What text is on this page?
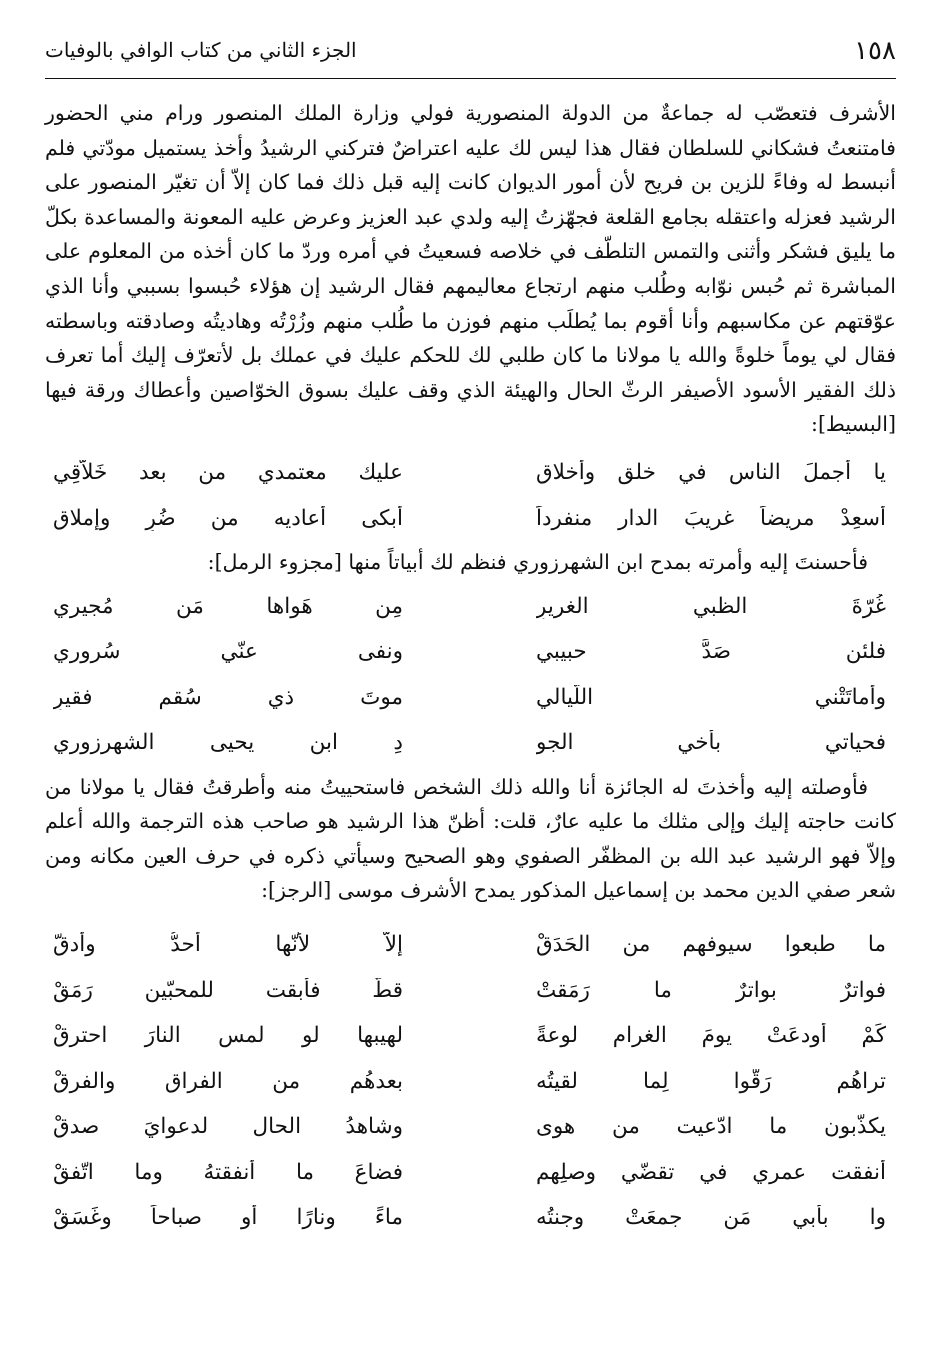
١٥٨
الجزء الثاني من كتاب الوافي بالوفيات

الأشرف فتعصّب له جماعةٌ من الدولة المنصورية فولي وزارة الملك المنصور ورام مني الحضور فامتنعتُ فشكاني للسلطان فقال هذا ليس لك عليه اعتراضٌ فتركني الرشيدُ وأخذ يستميل مودّتي فلم أنبسط له وفاءً للزين بن فريح لأن أمور الديوان كانت إليه قبل ذلك فما كان إلاّ أن تغيّر المنصور على الرشيد فعزله واعتقله بجامع القلعة فجهّزتُ إليه ولدي عبد العزيز وعرض عليه المعونة والمساعدة بكلّ ما يليق فشكر وأثنى والتمس التلطّف في خلاصه فسعيتُ في أمره وردّ ما كان أخذه من المعلوم على المباشرة ثم حُبس نوّابه وطُلب منهم ارتجاع معاليمهم فقال الرشيد إن هؤلاء حُبسوا بسببي وأنا الذي عوّقتهم عن مكاسبهم وأنا أقوم بما يُطلَب منهم فوزن ما طُلب منهم وزُرْتُه وهاديتُه وصادقته وباسطته فقال لي يوماً خلوةً والله يا مولانا ما كان طلبي لك للحكم عليك في عملك بل لأتعرّف إليك أما تعرف ذلك الفقير الأسود الأصيفر الرثّ الحال والهيئة الذي وقف عليك بسوق الخوّاصين وأعطاك ورقة فيها [البسيط]:

يا أجملَ الناس في خلقٍ وأخلاقِ
عليك معتمدي من بعد خَلاّقِي
أسعِدْ مريضاً غريبَ الدار منفرداً
أبكى أعاديه من ضُرٍ وإملاقِ

فأحسنتَ إليه وأمرته بمدح ابن الشهرزوري فنظم لك أبياتاً منها [مجزوء الرمل]:

غُرّةَ الظبيِ الغريرِ
مِن هَواها مَن مُجيري
فلئن صَدَّ حبيبي
ونفى عنّي سُروري
وأماتَتْني اللّيالي
موتَ ذي سُقمٍ فقيرِ
فحياتي بأخي الجو
دِ ابن يحيى الشهرزوري

فأوصلته إليه وأخذتَ له الجائزة أنا والله ذلك الشخص فاستحييتُ منه وأطرقتُ فقال يا مولانا من كانت حاجته إليك وإلى مثلك ما عليه عارٌ، قلت: أظنّ هذا الرشيد هو صاحب هذه الترجمة والله أعلم وإلاّ فهو الرشيد عبد الله بن المظفّر الصفوي وهو الصحيح وسيأتي ذكره في حرف العين مكانه ومن شعر صفي الدين محمد بن إسماعيل المذكور يمدح الأشرف موسى [الرجز]:

ما طبعوا سيوفهم من الحَدَقْ
إلاّ لأنّها أحدُّ وأدقّ
فواترٌ بواترٌ ما رَمَقتْ
قطّ فأبقت للمحبّين رَمَقْ
كَمْ أودعَتْ يومَ الغرام لوعةً
لهيبها لو لمس النارَ احترقْ
تراهُم رَقّوا لِما لقيتُه
بعدهُم من الفراق والفرقْ
يكذّبون ما ادّعيت من هوى
وشاهدُ الحال لدعوايَ صدقْ
أنفقت عمري في تقضّي وصلِهم
فضاعَ ما أنفقتهُ وما اتّفقْ
وا بأبي مَن جمعَتْ وجنتُه
ماءً ونارًا أو صباحاً وغَسَقْ
